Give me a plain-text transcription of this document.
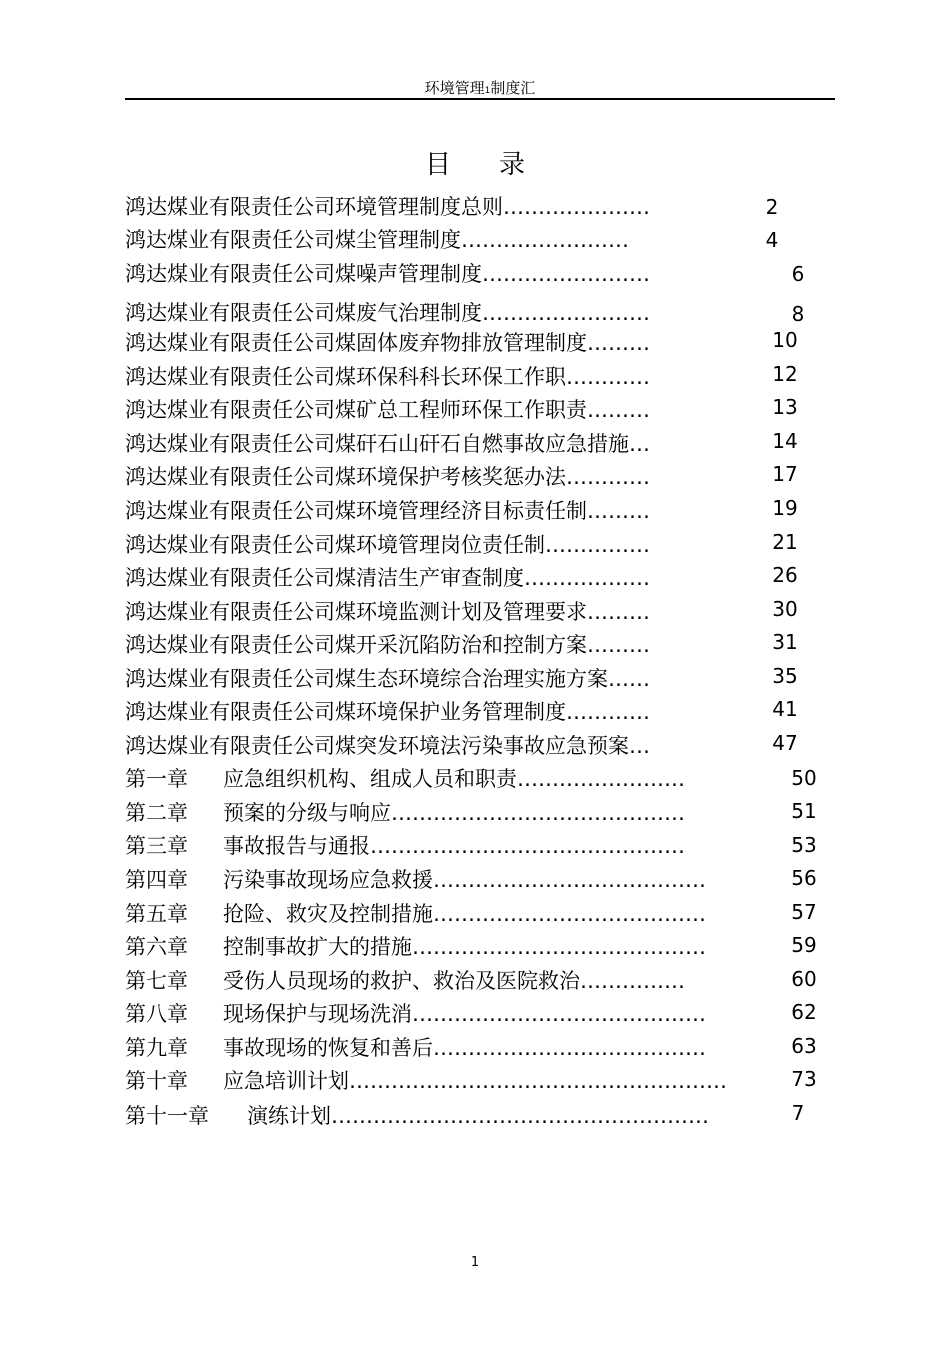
环境管理1制度汇
目录
鸿达煤业有限责任公司环境管理制度总则…………………	2
鸿达煤业有限责任公司煤尘管理制度……………………	4
鸿达煤业有限责任公司煤噪声管理制度……………………	6
鸿达煤业有限责任公司煤废气治理制度……………………	8
鸿达煤业有限责任公司煤固体废弃物排放管理制度………	10
鸿达煤业有限责任公司煤环保科科长环保工作职…………	12
鸿达煤业有限责任公司煤矿总工程师环保工作职责………	13
鸿达煤业有限责任公司煤矸石山矸石自燃事故应急措施…	14
鸿达煤业有限责任公司煤环境保护考核奖惩办法…………	17
鸿达煤业有限责任公司煤环境管理经济目标责任制………	19
鸿达煤业有限责任公司煤环境管理岗位责任制……………	21
鸿达煤业有限责任公司煤清洁生产审查制度………………	26
鸿达煤业有限责任公司煤环境监测计划及管理要求………	30
鸿达煤业有限责任公司煤开采沉陷防治和控制方案………	31
鸿达煤业有限责任公司煤生态环境综合治理实施方案……	35
鸿达煤业有限责任公司煤环境保护业务管理制度…………	41
鸿达煤业有限责任公司煤突发环境法污染事故应急预案…	47
第一章 应急组织机构、组成人员和职责……………………	50
第二章 预案的分级与响应……………………………………	51
第三章 事故报告与通报………………………………………	53
第四章 污染事故现场应急救援…………………………………	56
第五章 抢险、救灾及控制措施…………………………………	57
第六章 控制事故扩大的措施……………………………………	59
第七章 受伤人员现场的救护、救治及医院救治……………	60
第八章 现场保护与现场洗消……………………………………	62
第九章 事故现场的恢复和善后…………………………………	63
第十章 应急培训计划………………………………………………	73
第十一章 演练计划………………………………………………	7
1
